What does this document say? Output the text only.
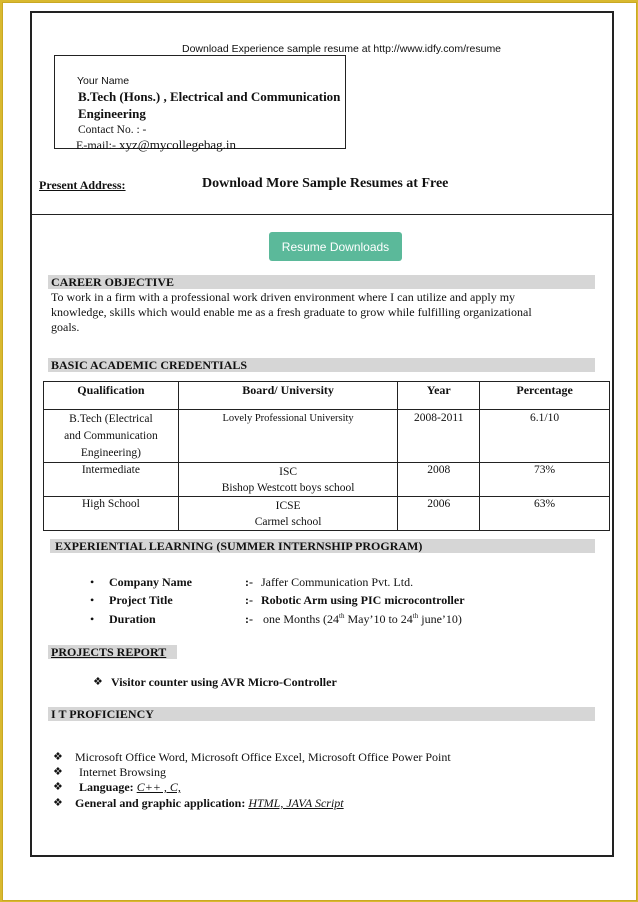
Download Experience sample resume at http://www.idfy.com/resume
Your Name
B.Tech (Hons.) , Electrical and Communication
Engineering
Contact No. : -
E-mail:- xyz@mycollegebag.in
Present Address:	Download More Sample Resumes at Free
Resume Downloads
CAREER OBJECTIVE
To work in a firm with a professional work driven environment where I can utilize and apply my
knowledge, skills which would enable me as a fresh graduate to grow while fulfilling organizational
goals.
BASIC ACADEMIC CREDENTIALS
Qualification	Board/ University	Year	Percentage

B.Tech (Electrical
and Communication
Engineering)	Lovely Professional University	2008-2011	6.1/10
Intermediate	ISC
Bishop Westcott boys school	2008	73%
High School	ICSE
Carmel school	2006	63%
EXPERIENTIAL LEARNING (SUMMER INTERNSHIP PROGRAM)
• Company Name	:- Jaffer Communication Pvt. Ltd.
• Project Title	:- Robotic Arm using PIC microcontroller
• Duration	:- one Months (24th May’10 to 24th june’10)
PROJECTS REPORT
❖ Visitor counter using AVR Micro-Controller
I T PROFICIENCY
❖ Microsoft Office Word, Microsoft Office Excel, Microsoft Office Power Point
❖ Internet Browsing
❖ Language: C++ , C,
❖ General and graphic application: HTML, JAVA Script
